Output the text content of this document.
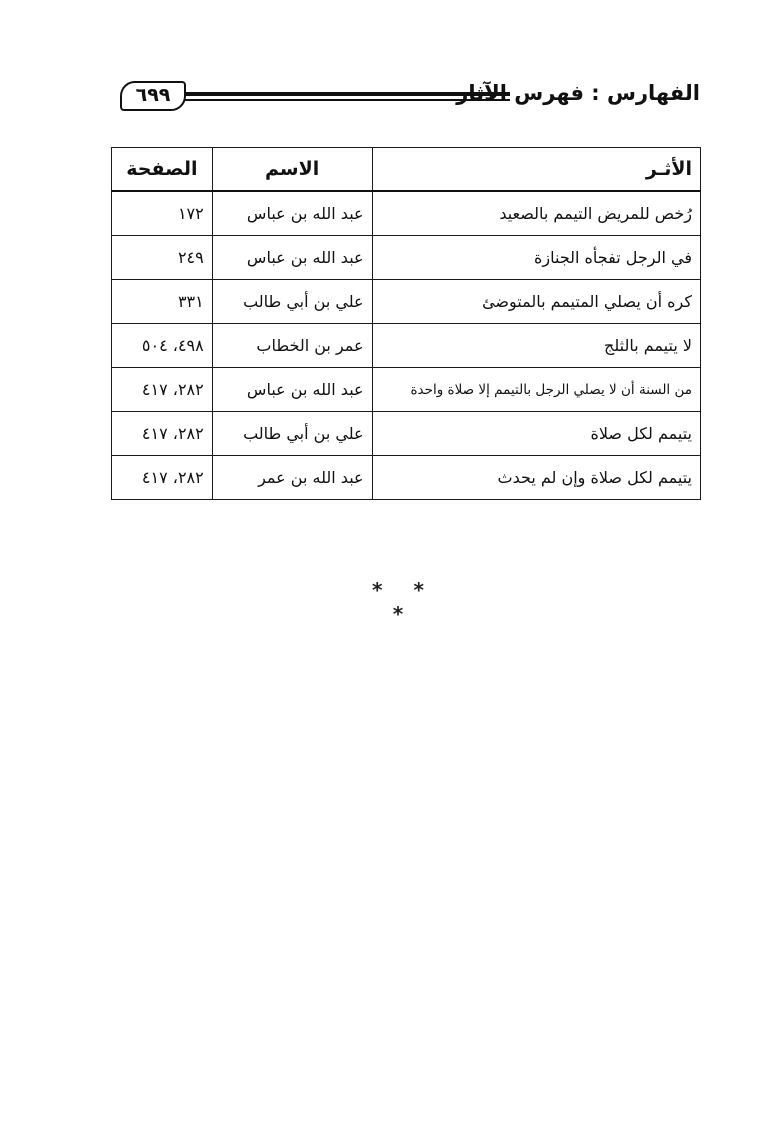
٦٩٩	الفهارس : فهرس الآثار
الأثـر	الاسم	الصفحة
رُخص للمريض التيمم بالصعيد	عبد الله بن عباس	١٧٢
في الرجل تفجأه الجنازة	عبد الله بن عباس	٢٤٩
كره أن يصلي المتيمم بالمتوضئ	علي بن أبي طالب	٣٣١
لا يتيمم بالثلج	عمر بن الخطاب	٤٩٨، ٥٠٤
من السنة أن لا يصلي الرجل بالتيمم إلا صلاة واحدة	عبد الله بن عباس	٢٨٢، ٤١٧
يتيمم لكل صلاة	علي بن أبي طالب	٢٨٢، ٤١٧
يتيمم لكل صلاة وإن لم يحدث	عبد الله بن عمر	٢٨٢، ٤١٧
* * *
